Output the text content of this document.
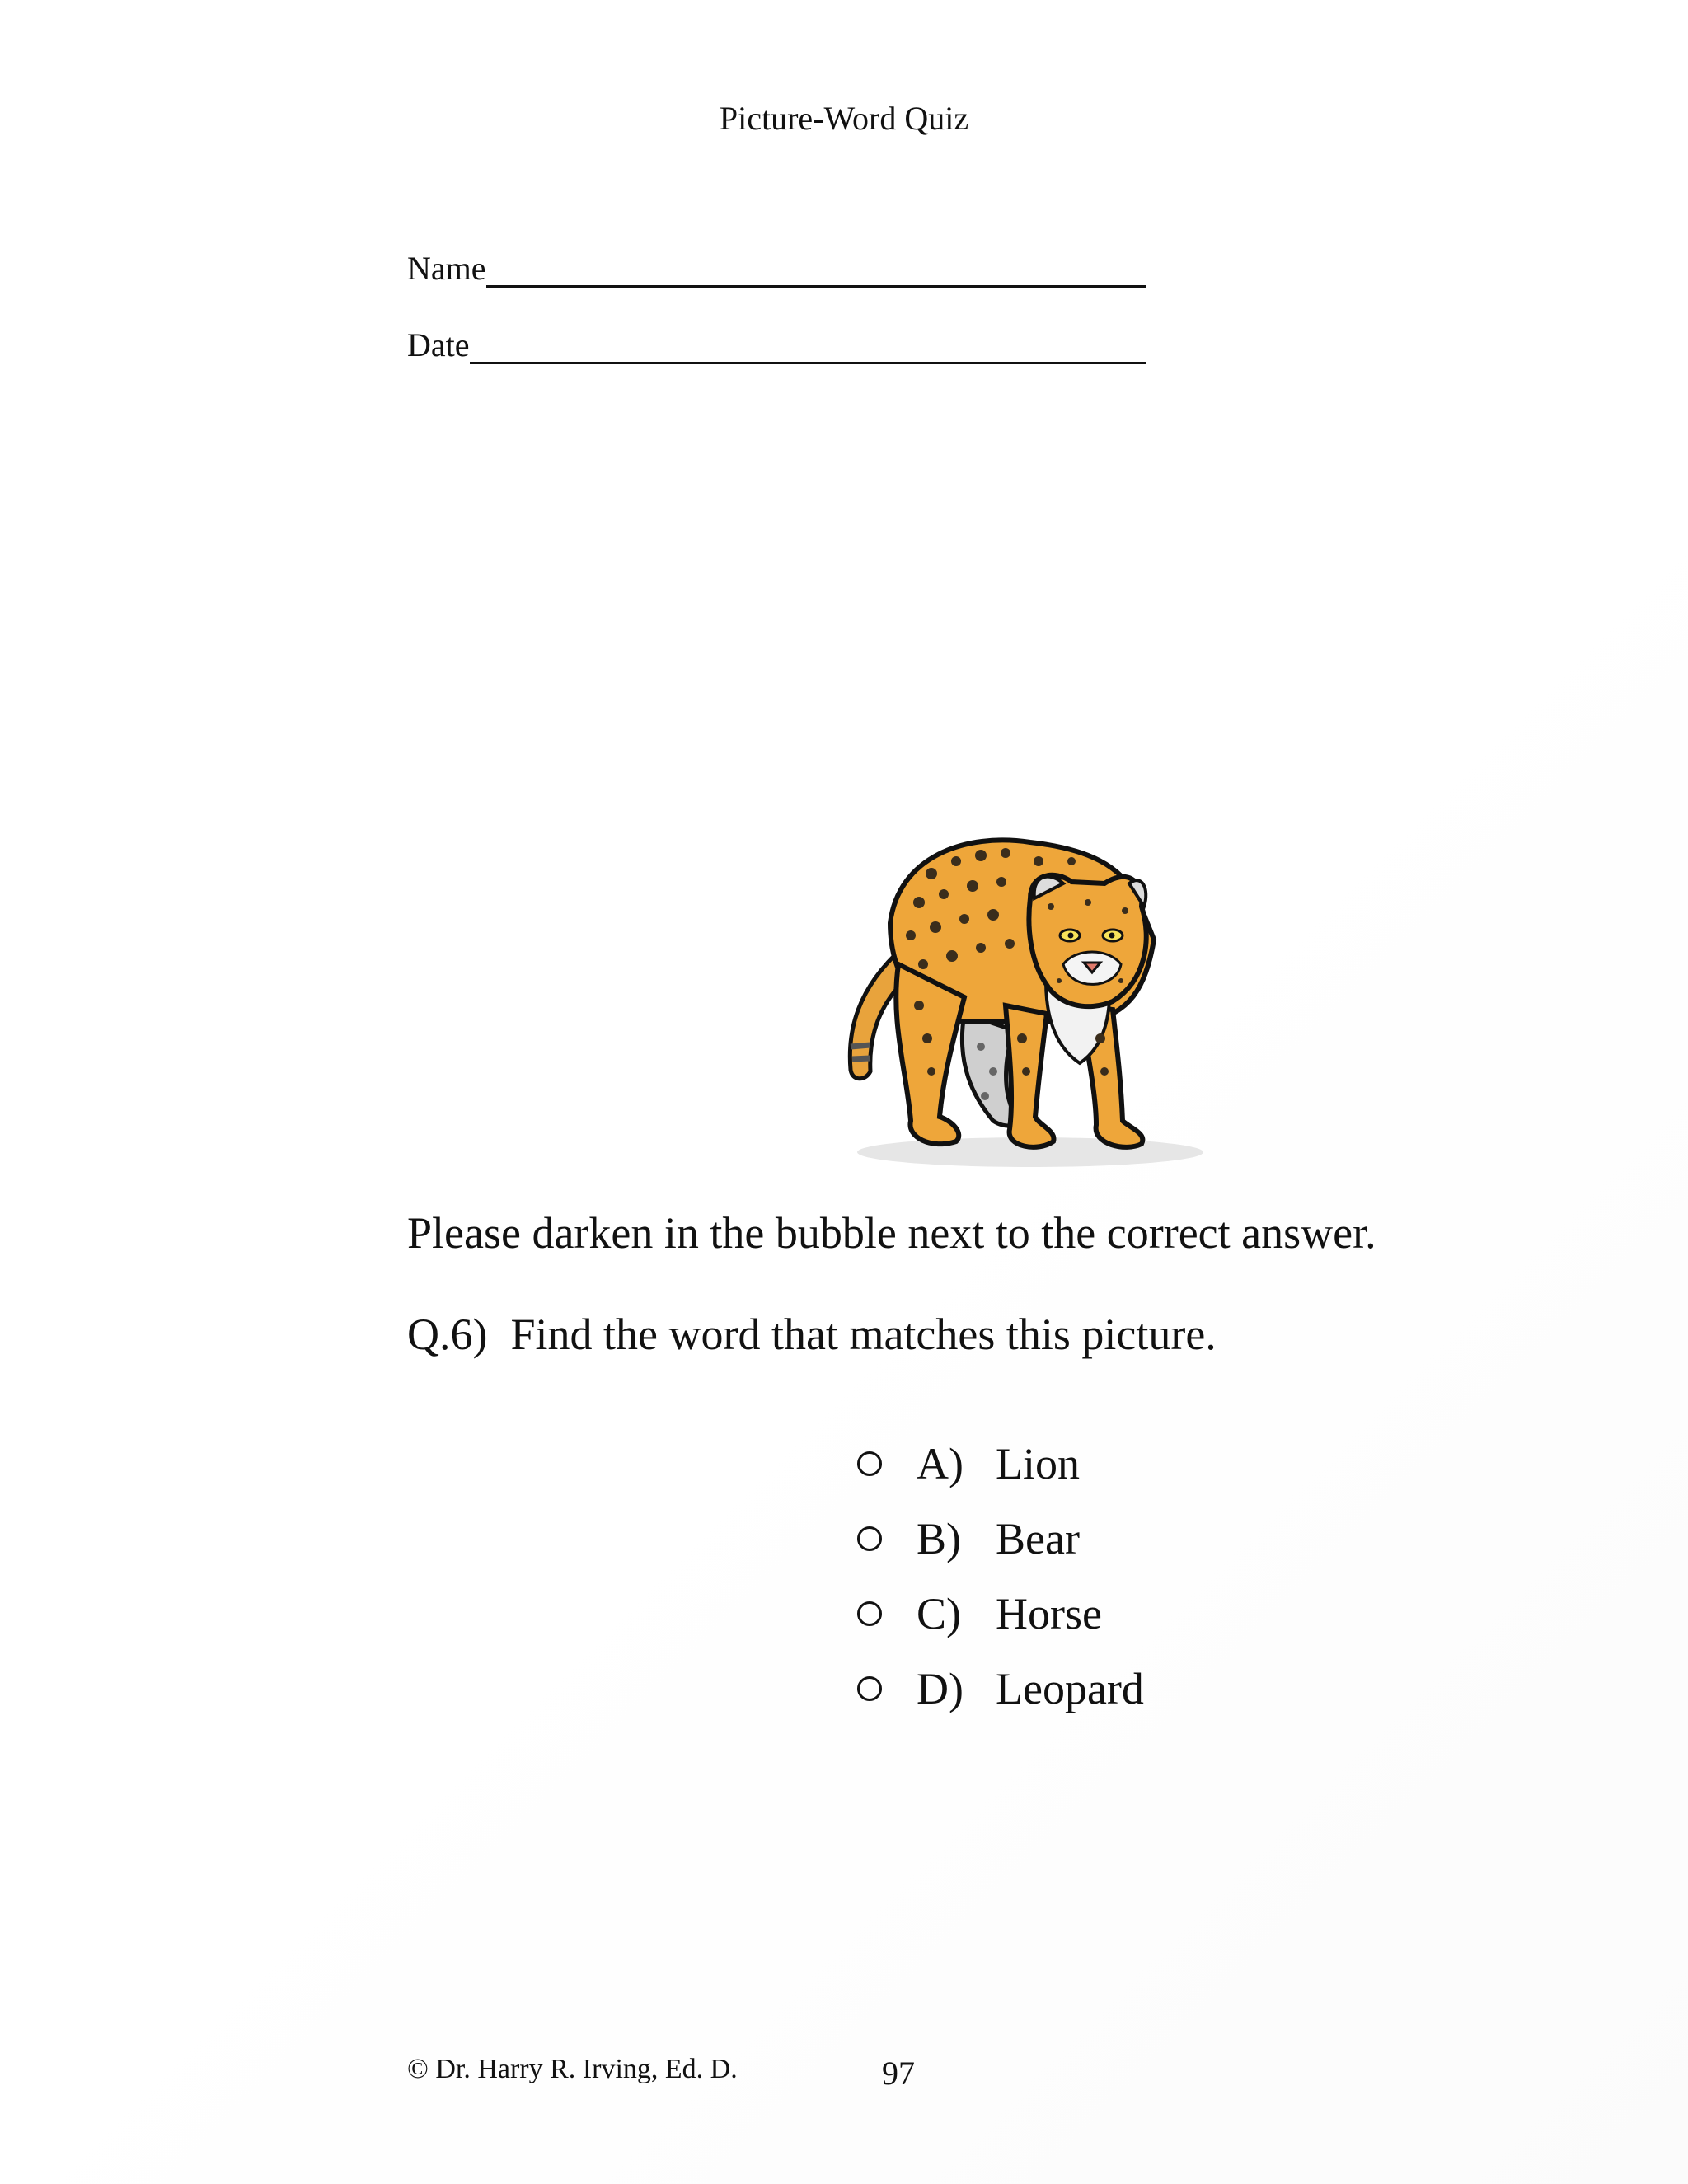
Picture-Word Quiz
Name
Date
Please darken in the bubble next to the correct answer.
Q.6) Find the word that matches this picture.
A) Lion
B) Bear
C) Horse
D) Leopard
© Dr. Harry R. Irving, Ed. D.	97
